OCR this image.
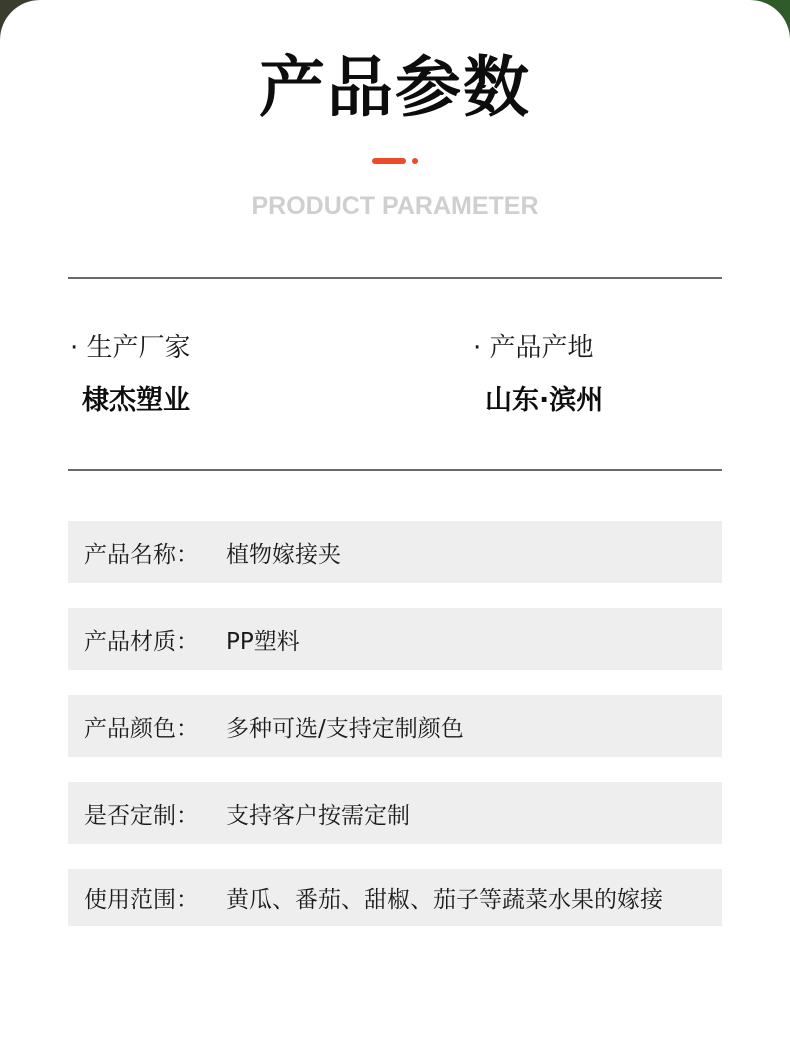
产品参数
PRODUCT PARAMETER
· 生产厂家
棣杰塑业
· 产品产地
山东·滨州
产品名称：	植物嫁接夹
产品材质：	PP塑料
产品颜色：	多种可选/支持定制颜色
是否定制：	支持客户按需定制
使用范围：	黄瓜、番茄、甜椒、茄子等蔬菜水果的嫁接
